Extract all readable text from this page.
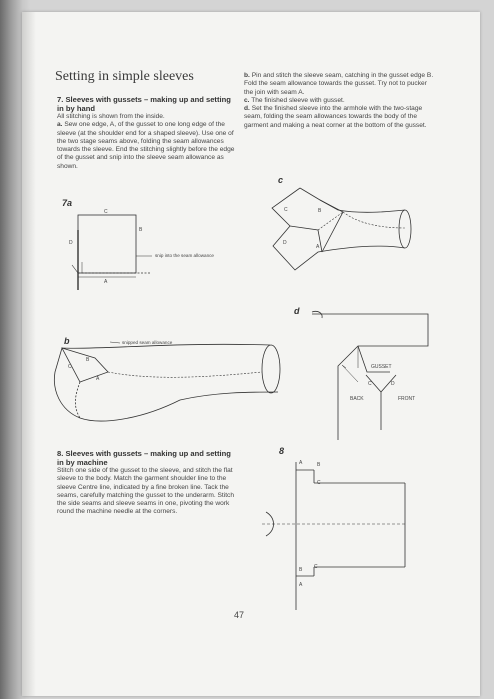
Setting in simple sleeves

7. Sleeves with gussets – making up and setting in by hand

All stitching is shown from the inside.

a. Sew one edge, A, of the gusset to one long edge of the sleeve (at the shoulder end for a shaped sleeve). Use one of the two stage seams above, folding the seam allowances towards the sleeve. End the stitching slightly before the edge of the gusset and snip into the sleeve seam allowance as shown.

b. Pin and stitch the sleeve seam, catching in the gusset edge B. Fold the seam allowance towards the gusset. Try not to pucker the join with seam A.

c. The finished sleeve with gusset.

d. Set the finished sleeve into the armhole with the two-stage seam, folding the seam allowances towards the body of the garment and making a neat corner at the bottom of the gusset.

8. Sleeves with gussets – making up and setting in by machine

Stitch one side of the gusset to the sleeve, and stitch the flat sleeve to the body. Match the garment shoulder line to the sleeve Centre line, indicated by a fine broken line. Tack the seams, carefully matching the gusset to the underarm. Stitch the side seams and sleeve seams in one, pivoting the work round the machine needle at the corners.

7a
C
D
B
A
snip into the seam allowance
b	snipped seam allowance
B
C
A
c
C	B
D
A
d
GUSSET
C	D
BACK	FRONT
8
A	B
C
B C
A
47
